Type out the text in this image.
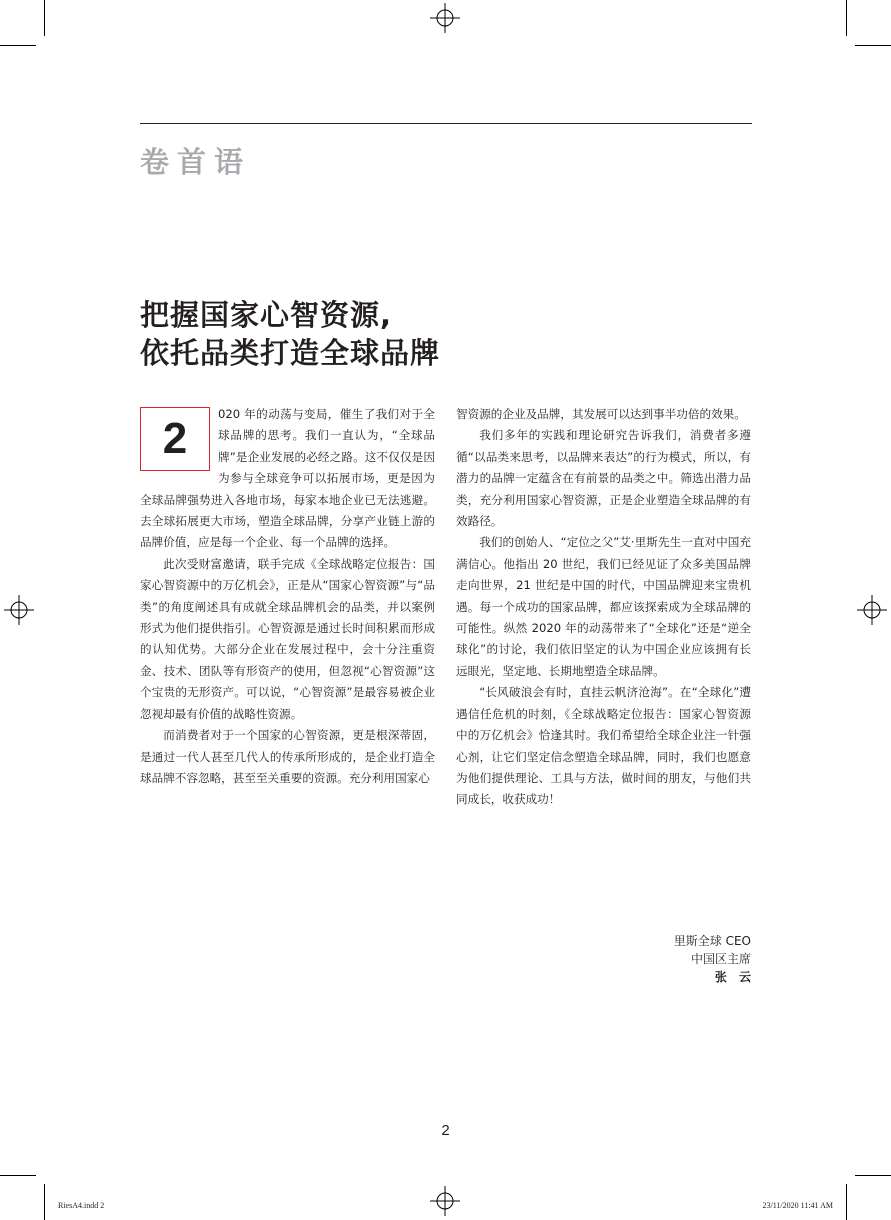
卷首语
把握国家心智资源,
依托品类打造全球品牌
2

020 年的动荡与变局，催生了我们对于全球品牌的思考。我们一直认为，“全球品牌”是企业发展的必经之路。这不仅仅是因为参与全球竞争可以拓展市场，更是因为全球品牌强势进入各地市场，每家本地企业已无法逃避。去全球拓展更大市场，塑造全球品牌，分享产业链上游的品牌价值，应是每一个企业、每一个品牌的选择。

此次受财富邀请，联手完成《全球战略定位报告：国家心智资源中的万亿机会》，正是从“国家心智资源”与“品类”的角度阐述具有成就全球品牌机会的品类，并以案例形式为他们提供指引。心智资源是通过长时间积累而形成的认知优势。大部分企业在发展过程中，会十分注重资金、技术、团队等有形资产的使用，但忽视“心智资源”这个宝贵的无形资产。可以说，“心智资源”是最容易被企业忽视却最有价值的战略性资源。

而消费者对于一个国家的心智资源，更是根深蒂固，是通过一代人甚至几代人的传承所形成的，是企业打造全球品牌不容忽略，甚至至关重要的资源。充分利用国家心

智资源的企业及品牌，其发展可以达到事半功倍的效果。

我们多年的实践和理论研究告诉我们，消费者多遵循“以品类来思考，以品牌来表达”的行为模式，所以，有潜力的品牌一定蕴含在有前景的品类之中。筛选出潜力品类，充分利用国家心智资源，正是企业塑造全球品牌的有效路径。

我们的创始人、“定位之父”艾·里斯先生一直对中国充满信心。他指出 20 世纪，我们已经见证了众多美国品牌走向世界，21 世纪是中国的时代，中国品牌迎来宝贵机遇。每一个成功的国家品牌，都应该探索成为全球品牌的可能性。纵然 2020 年的动荡带来了“全球化”还是“逆全球化”的讨论，我们依旧坚定的认为中国企业应该拥有长远眼光，坚定地、长期地塑造全球品牌。

“长风破浪会有时，直挂云帆济沧海”。在“全球化”遭遇信任危机的时刻，《全球战略定位报告：国家心智资源中的万亿机会》恰逢其时。我们希望给全球企业注一针强心剂，让它们坚定信念塑造全球品牌，同时，我们也愿意为他们提供理论、工具与方法，做时间的朋友，与他们共同成长，收获成功！

里斯全球 CEO
中国区主席
张 云
2
RiesA4.indd 2	23/11/2020 11:41 AM
